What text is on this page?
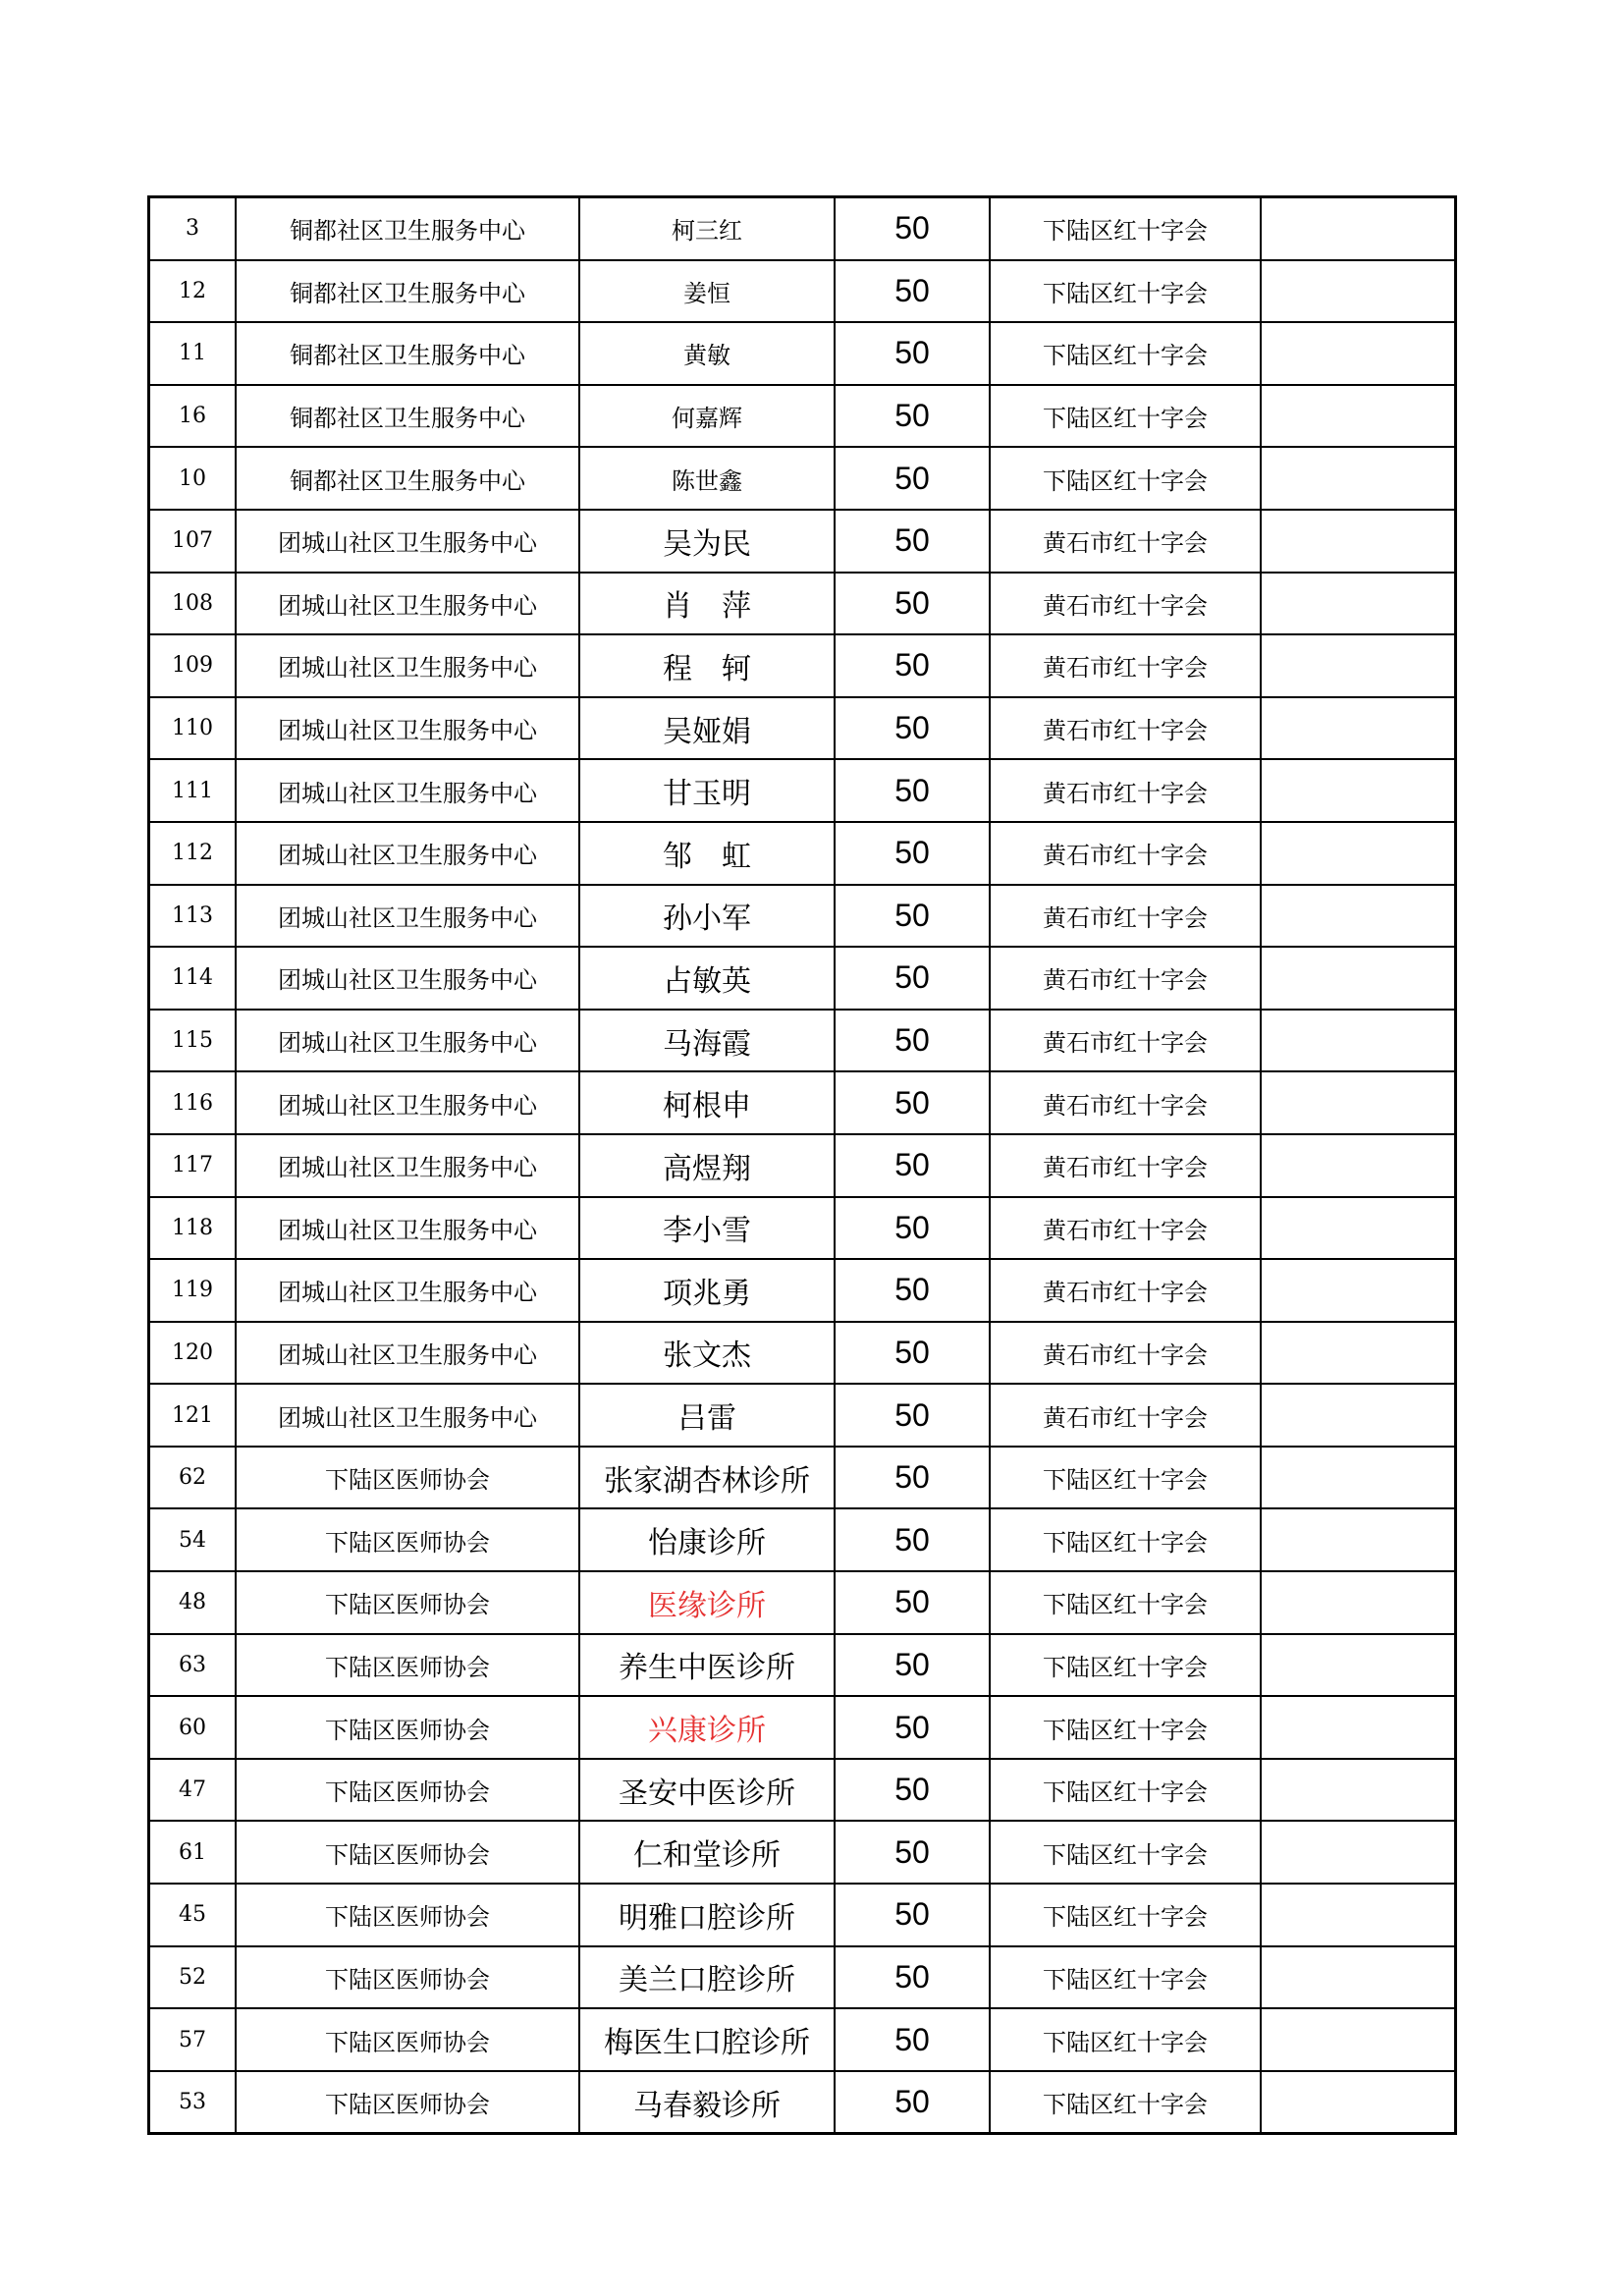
3	铜都社区卫生服务中心	柯三红	50	下陆区红十字会	
12	铜都社区卫生服务中心	姜恒	50	下陆区红十字会	
11	铜都社区卫生服务中心	黄敏	50	下陆区红十字会	
16	铜都社区卫生服务中心	何嘉辉	50	下陆区红十字会	
10	铜都社区卫生服务中心	陈世鑫	50	下陆区红十字会	
107	团城山社区卫生服务中心	吴为民	50	黄石市红十字会	
108	团城山社区卫生服务中心	肖　萍	50	黄石市红十字会	
109	团城山社区卫生服务中心	程　轲	50	黄石市红十字会	
110	团城山社区卫生服务中心	吴娅娟	50	黄石市红十字会	
111	团城山社区卫生服务中心	甘玉明	50	黄石市红十字会	
112	团城山社区卫生服务中心	邹　虹	50	黄石市红十字会	
113	团城山社区卫生服务中心	孙小军	50	黄石市红十字会	
114	团城山社区卫生服务中心	占敏英	50	黄石市红十字会	
115	团城山社区卫生服务中心	马海霞	50	黄石市红十字会	
116	团城山社区卫生服务中心	柯根申	50	黄石市红十字会	
117	团城山社区卫生服务中心	高煜翔	50	黄石市红十字会	
118	团城山社区卫生服务中心	李小雪	50	黄石市红十字会	
119	团城山社区卫生服务中心	项兆勇	50	黄石市红十字会	
120	团城山社区卫生服务中心	张文杰	50	黄石市红十字会	
121	团城山社区卫生服务中心	吕雷	50	黄石市红十字会	
62	下陆区医师协会	张家湖杏林诊所	50	下陆区红十字会	
54	下陆区医师协会	怡康诊所	50	下陆区红十字会	
48	下陆区医师协会	医缘诊所	50	下陆区红十字会	
63	下陆区医师协会	养生中医诊所	50	下陆区红十字会	
60	下陆区医师协会	兴康诊所	50	下陆区红十字会	
47	下陆区医师协会	圣安中医诊所	50	下陆区红十字会	
61	下陆区医师协会	仁和堂诊所	50	下陆区红十字会	
45	下陆区医师协会	明雅口腔诊所	50	下陆区红十字会	
52	下陆区医师协会	美兰口腔诊所	50	下陆区红十字会	
57	下陆区医师协会	梅医生口腔诊所	50	下陆区红十字会	
53	下陆区医师协会	马春毅诊所	50	下陆区红十字会	
